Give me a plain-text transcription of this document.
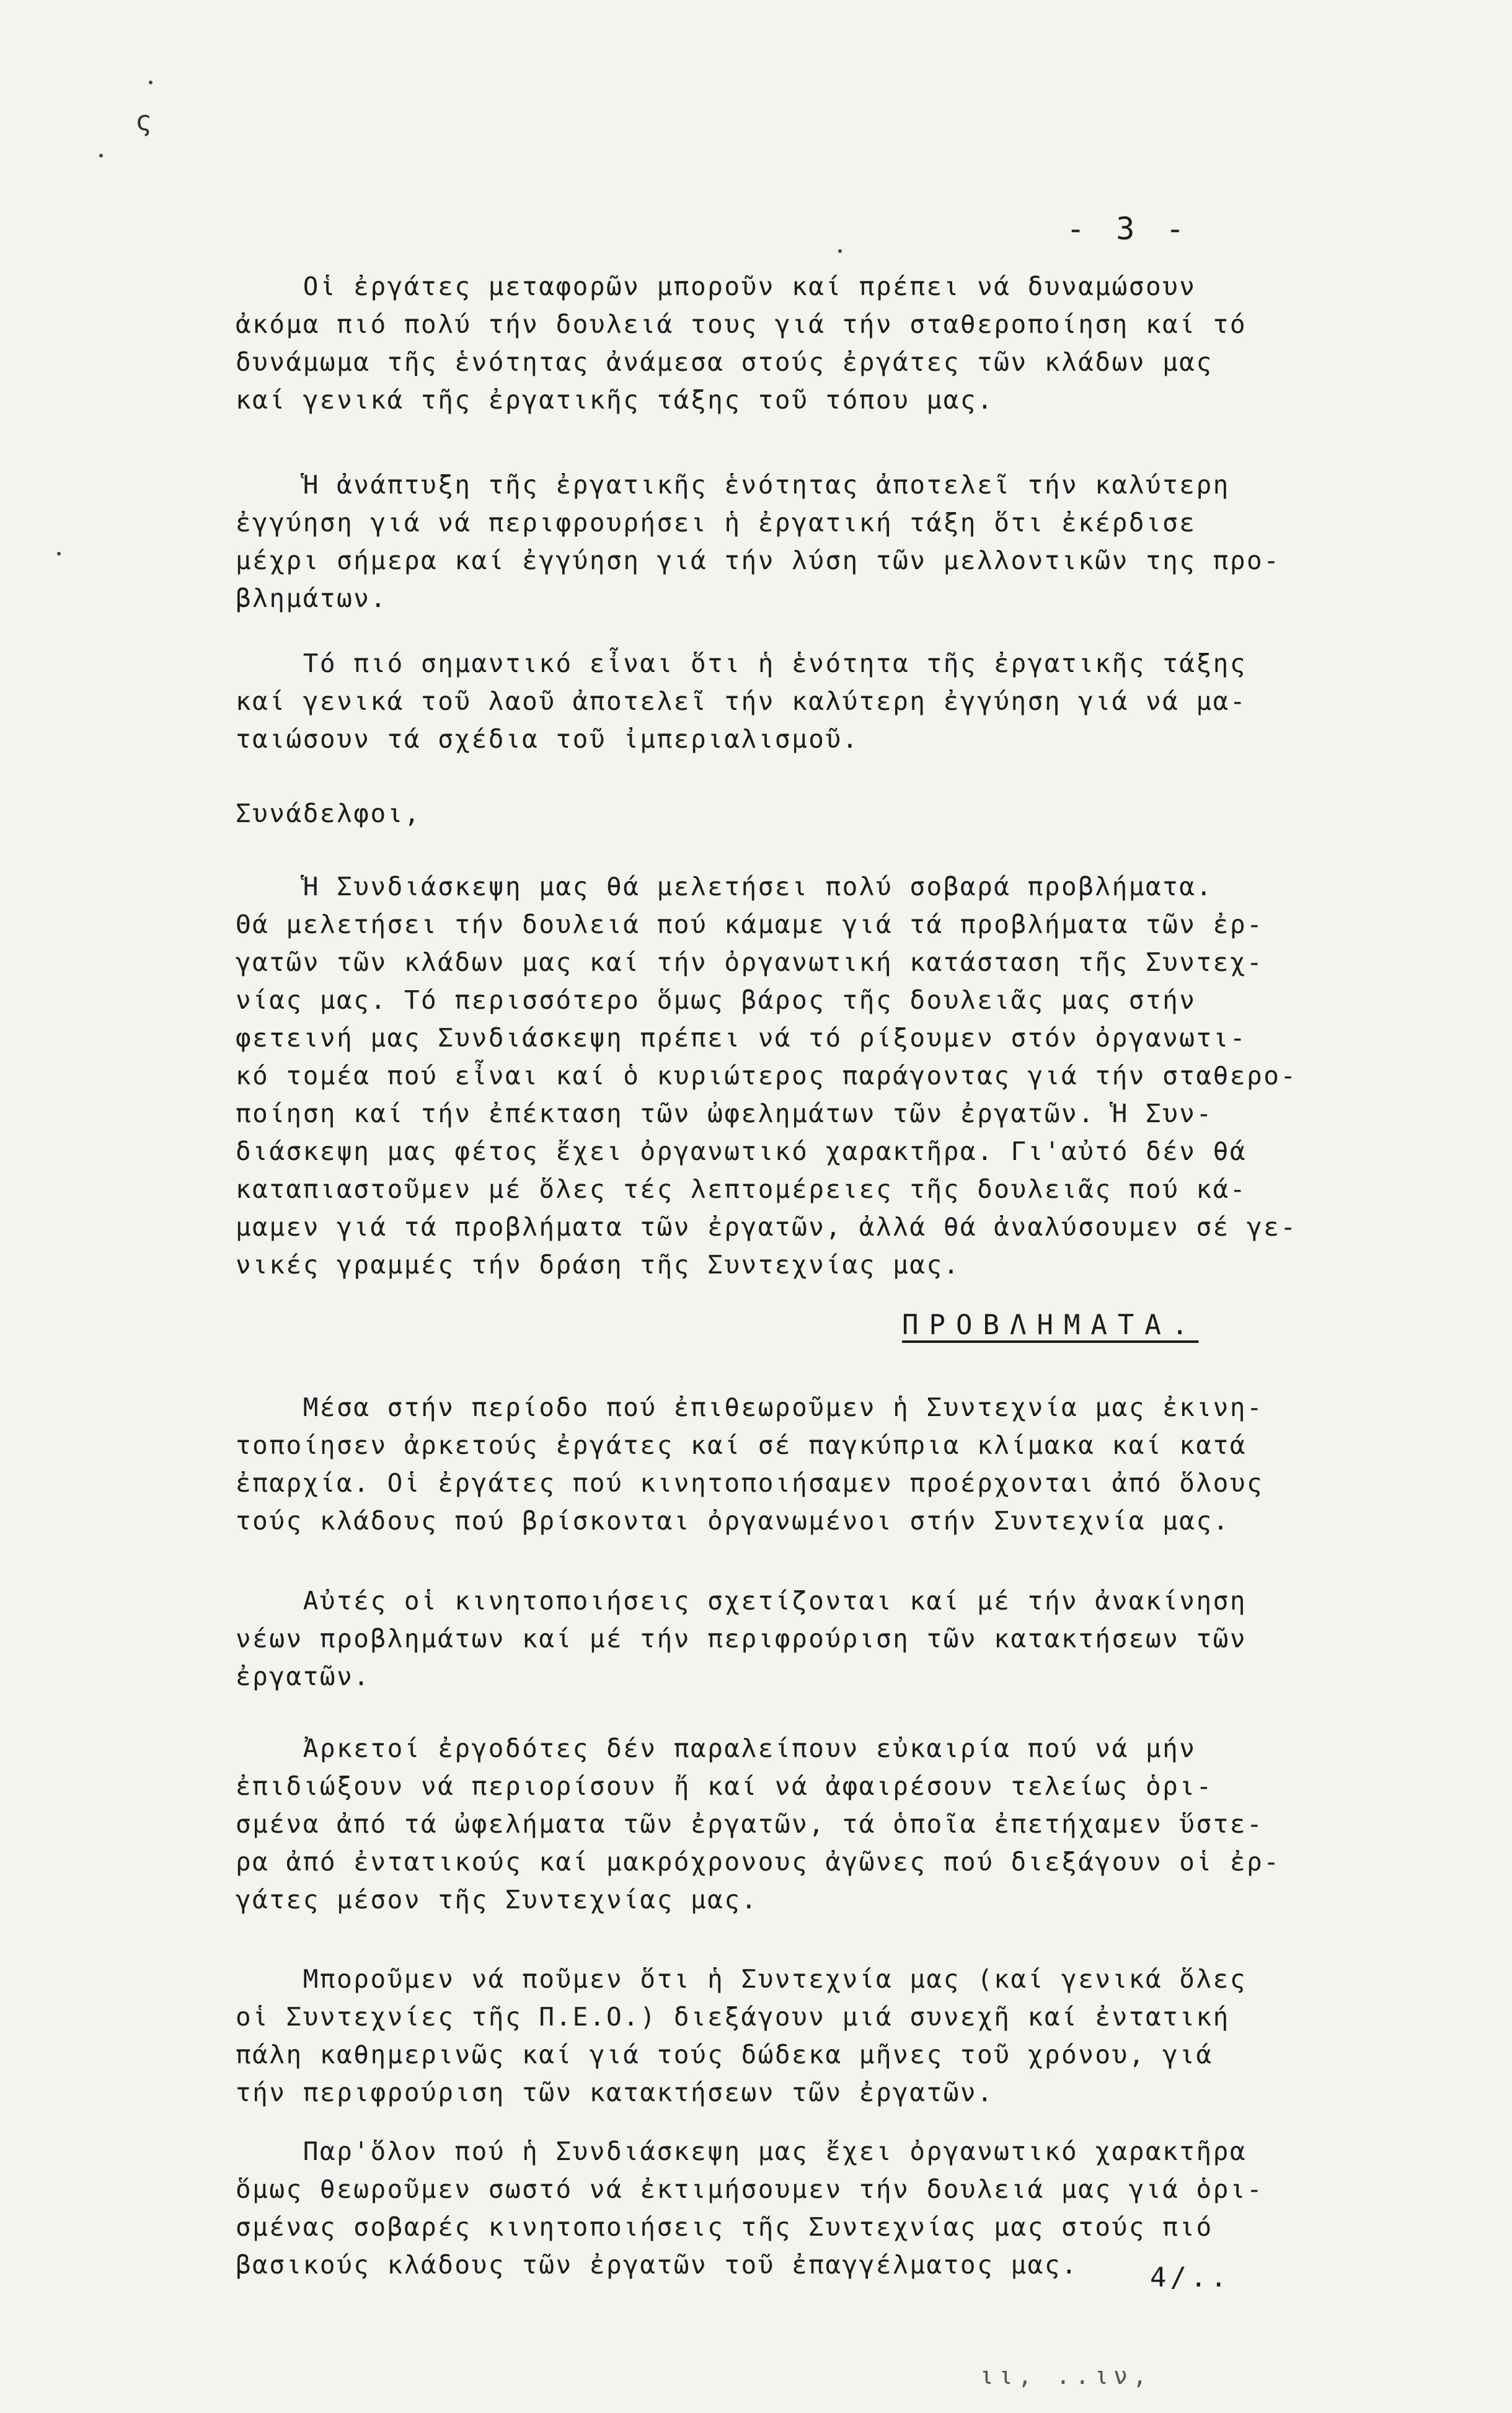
ς
- 3 -
Οἱ ἐργάτες μεταφορῶν μποροῦν καί πρέπει νά δυναμώσουν
ἀκόμα πιό πολύ τήν δουλειά τους γιά τήν σταθεροποίηση καί τό
δυνάμωμα τῆς ἑνότητας ἀνάμεσα στούς ἐργάτες τῶν κλάδων μας
καί γενικά τῆς ἐργατικῆς τάξης τοῦ τόπου μας.
Ἡ ἀνάπτυξη τῆς ἐργατικῆς ἑνότητας ἀποτελεῖ τήν καλύτερη
ἐγγύηση γιά νά περιφρουρήσει ἡ ἐργατική τάξη ὅτι ἐκέρδισε
μέχρι σήμερα καί ἐγγύηση γιά τήν λύση τῶν μελλοντικῶν της προ-
βλημάτων.
Τό πιό σημαντικό εἶναι ὅτι ἡ ἑνότητα τῆς ἐργατικῆς τάξης
καί γενικά τοῦ λαοῦ ἀποτελεῖ τήν καλύτερη ἐγγύηση γιά νά μα-
ταιώσουν τά σχέδια τοῦ ἰμπεριαλισμοῦ.
Συνάδελφοι,
Ἡ Συνδιάσκεψη μας θά μελετήσει πολύ σοβαρά προβλήματα.
Θά μελετήσει τήν δουλειά πού κάμαμε γιά τά προβλήματα τῶν ἐρ-
γατῶν τῶν κλάδων μας καί τήν ὀργανωτική κατάσταση τῆς Συντεχ-
νίας μας. Τό περισσότερο ὅμως βάρος τῆς δουλειᾶς μας στήν
φετεινή μας Συνδιάσκεψη πρέπει νά τό ρίξουμεν στόν ὀργανωτι-
κό τομέα πού εἶναι καί ὁ κυριώτερος παράγοντας γιά τήν σταθερο-
ποίηση καί τήν ἐπέκταση τῶν ὠφελημάτων τῶν ἐργατῶν. Ἡ Συν-
διάσκεψη μας φέτος ἔχει ὀργανωτικό χαρακτῆρα. Γι'αὐτό δέν θά
καταπιαστοῦμεν μέ ὅλες τές λεπτομέρειες τῆς δουλειᾶς πού κά-
μαμεν γιά τά προβλήματα τῶν ἐργατῶν, ἀλλά θά ἀναλύσουμεν σέ γε-
νικές γραμμές τήν δράση τῆς Συντεχνίας μας.
ΠΡΟΒΛΗΜΑΤΑ.
Μέσα στήν περίοδο πού ἐπιθεωροῦμεν ἡ Συντεχνία μας ἐκινη-
τοποίησεν ἀρκετούς ἐργάτες καί σέ παγκύπρια κλίμακα καί κατά
ἐπαρχία. Οἱ ἐργάτες πού κινητοποιήσαμεν προέρχονται ἀπό ὅλους
τούς κλάδους πού βρίσκονται ὀργανωμένοι στήν Συντεχνία μας.
Αὐτές οἱ κινητοποιήσεις σχετίζονται καί μέ τήν ἀνακίνηση
νέων προβλημάτων καί μέ τήν περιφρούριση τῶν κατακτήσεων τῶν
ἐργατῶν.
Ἀρκετοί ἐργοδότες δέν παραλείπουν εὐκαιρία πού νά μήν
ἐπιδιώξουν νά περιορίσουν ἤ καί νά ἀφαιρέσουν τελείως ὁρι-
σμένα ἀπό τά ὠφελήματα τῶν ἐργατῶν, τά ὁποῖα ἐπετήχαμεν ὕστε-
ρα ἀπό ἐντατικούς καί μακρόχρονους ἀγῶνες πού διεξάγουν οἱ ἐρ-
γάτες μέσον τῆς Συντεχνίας μας.
Μποροῦμεν νά ποῦμεν ὅτι ἡ Συντεχνία μας (καί γενικά ὅλες
οἱ Συντεχνίες τῆς Π.Ε.Ο.) διεξάγουν μιά συνεχῆ καί ἐντατική
πάλη καθημερινῶς καί γιά τούς δώδεκα μῆνες τοῦ χρόνου, γιά
τήν περιφρούριση τῶν κατακτήσεων τῶν ἐργατῶν.
Παρ'ὅλον πού ἡ Συνδιάσκεψη μας ἔχει ὀργανωτικό χαρακτῆρα
ὅμως θεωροῦμεν σωστό νά ἐκτιμήσουμεν τήν δουλειά μας γιά ὁρι-
σμένας σοβαρές κινητοποιήσεις τῆς Συντεχνίας μας στούς πιό
βασικούς κλάδους τῶν ἐργατῶν τοῦ ἐπαγγέλματος μας.	4/..
ιι, ..ιν,
